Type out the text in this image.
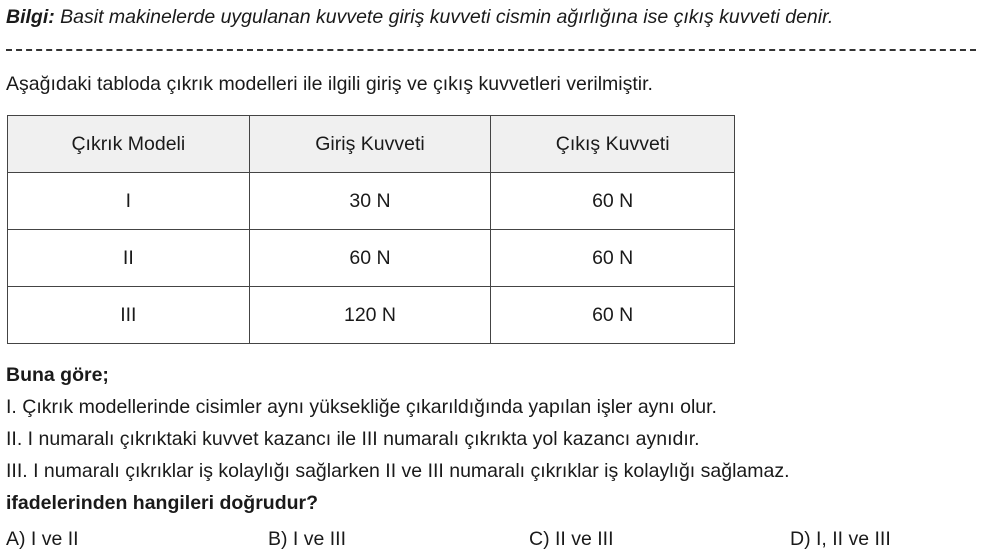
Bilgi: Basit makinelerde uygulanan kuvvete giriş kuvveti cismin ağırlığına ise çıkış kuvveti denir.
Aşağıdaki tabloda çıkrık modelleri ile ilgili giriş ve çıkış kuvvetleri verilmiştir.
Çıkrık Modeli	Giriş Kuvveti	Çıkış Kuvveti
I	30 N	60 N
II	60 N	60 N
III	120 N	60 N
Buna göre;
I. Çıkrık modellerinde cisimler aynı yüksekliğe çıkarıldığında yapılan işler aynı olur.
II. I numaralı çıkrıktaki kuvvet kazancı ile III numaralı çıkrıkta yol kazancı aynıdır.
III. I numaralı çıkrıklar iş kolaylığı sağlarken II ve III numaralı çıkrıklar iş kolaylığı sağlamaz.
ifadelerinden hangileri doğrudur?
A) I ve II	B) I ve III	C) II ve III	D) I, II ve III
